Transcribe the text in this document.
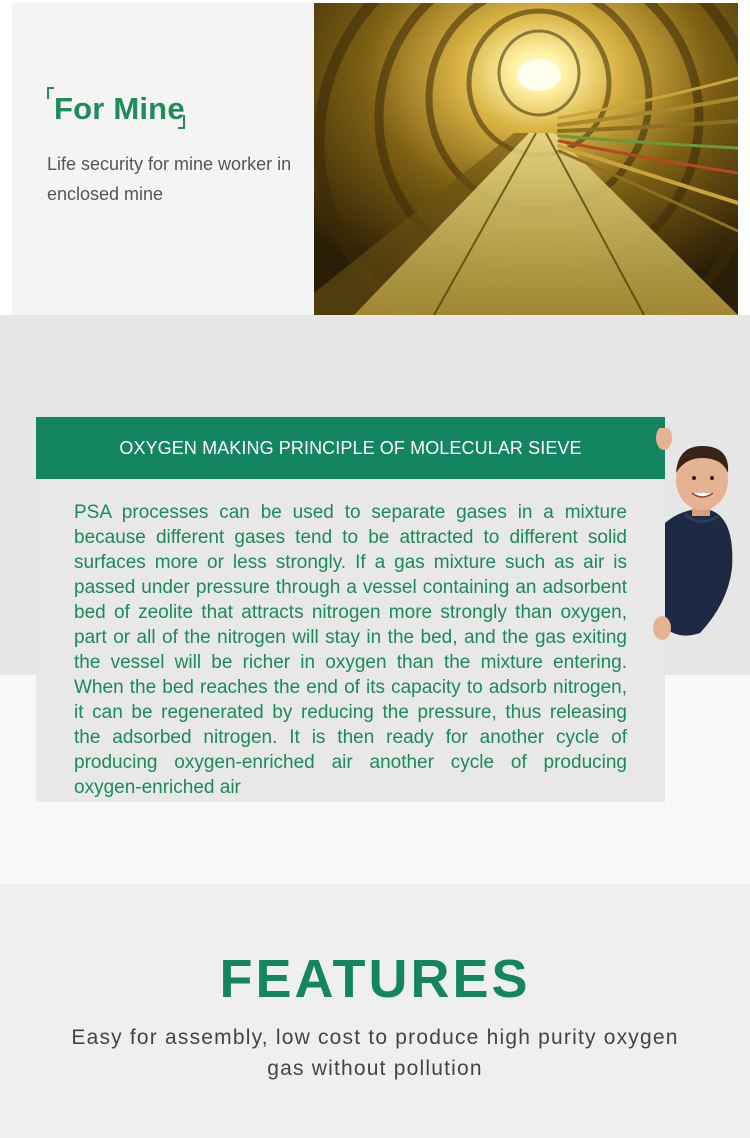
For Mine

Life security for mine worker in enclosed mine

OXYGEN MAKING PRINCIPLE OF MOLECULAR SIEVE

PSA processes can be used to separate gases in a mixture because different gases tend to be attracted to different solid surfaces more or less strongly. If a gas mixture such as air is passed under pressure through a vessel containing an adsorbent bed of zeolite that attracts nitrogen more strongly than oxygen, part or all of the nitrogen will stay in the bed, and the gas exiting the vessel will be richer in oxygen than the mixture entering. When the bed reaches the end of its capacity to adsorb nitrogen, it can be regenerated by reducing the pressure, thus releasing the adsorbed nitrogen. It is then ready for another cycle of producing oxygen-enriched air another cycle of producing oxygen-enriched air

FEATURES

Easy for assembly, low cost to produce high purity oxygen gas without pollution
